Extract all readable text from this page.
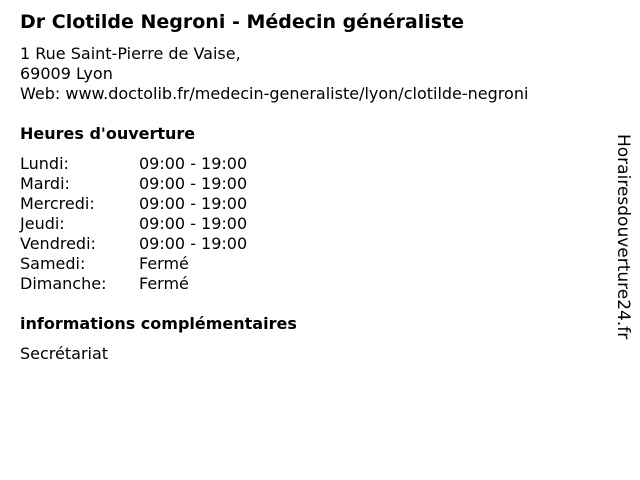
Dr Clotilde Negroni - Médecin généraliste
1 Rue Saint-Pierre de Vaise,
69009 Lyon
Web: www.doctolib.fr/medecin-generaliste/lyon/clotilde-negroni
Heures d'ouverture
Lundi:	09:00 - 19:00
Mardi:	09:00 - 19:00
Mercredi:	09:00 - 19:00
Jeudi:	09:00 - 19:00
Vendredi:	09:00 - 19:00
Samedi:	Fermé
Dimanche: Fermé
informations complémentaires
Secrétariat
Horairesdouverture24.fr
